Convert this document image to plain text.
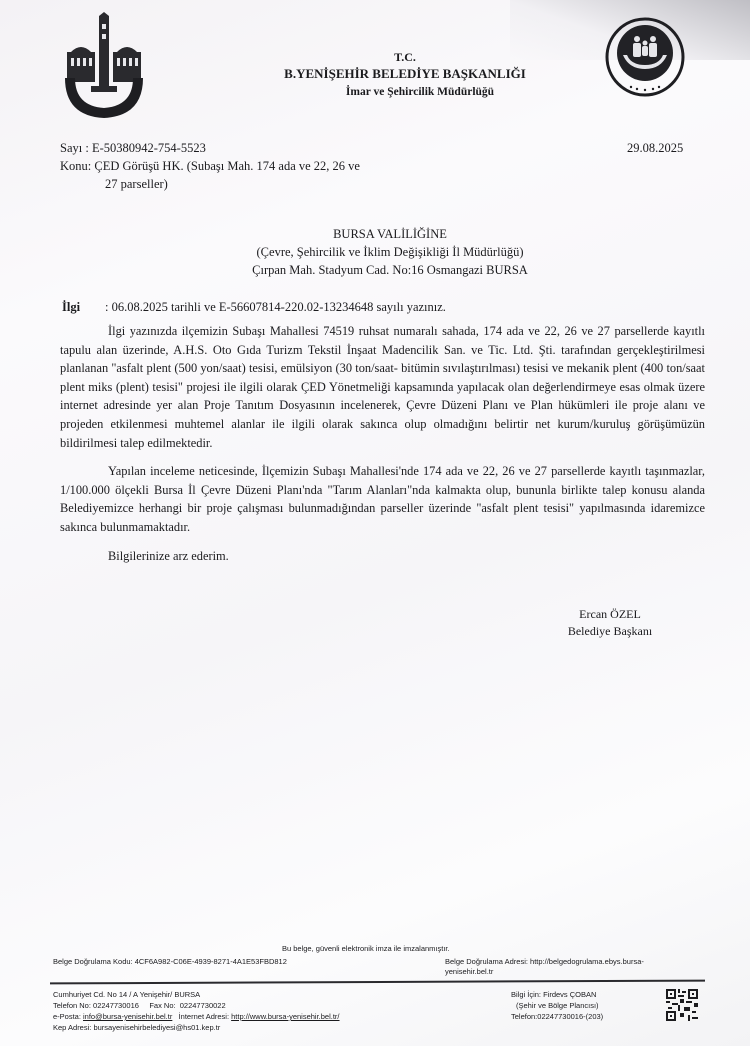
T.C.
B.YENİŞEHİR BELEDİYE BAŞKANLIĞI
İmar ve Şehircilik Müdürlüğü
Sayı : E-50380942-754-5523	29.08.2025
Konu: ÇED Görüşü HK. (Subaşı Mah. 174 ada ve 22, 26 ve
27 parseller)
BURSA VALİLİĞİNE
(Çevre, Şehircilik ve İklim Değişikliği İl Müdürlüğü)
Çırpan Mah. Stadyum Cad. No:16 Osmangazi BURSA
İlgi : 06.08.2025 tarihli ve E-56607814-220.02-13234648 sayılı yazınız.

İlgi yazınızda ilçemizin Subaşı Mahallesi 74519 ruhsat numaralı sahada, 174 ada ve 22, 26 ve 27 parsellerde kayıtlı tapulu alan üzerinde, A.H.S. Oto Gıda Turizm Tekstil İnşaat Madencilik San. ve Tic. Ltd. Şti. tarafından gerçekleştirilmesi planlanan "asfalt plent (500 yon/saat) tesisi, emülsiyon (30 ton/saat- bitümin sıvılaştırılması) tesisi ve mekanik plent (400 ton/saat plent miks (plent) tesisi" projesi ile ilgili olarak ÇED Yönetmeliği kapsamında yapılacak olan değerlendirmeye esas olmak üzere internet adresinde yer alan Proje Tanıtım Dosyasının incelenerek, Çevre Düzeni Planı ve Plan hükümleri ile proje alanı ve projeden etkilenmesi muhtemel alanlar ile ilgili olarak sakınca olup olmadığını belirtir net kurum/kuruluş görüşümüzün bildirilmesi talep edilmektedir.

Yapılan inceleme neticesinde, İlçemizin Subaşı Mahallesi'nde 174 ada ve 22, 26 ve 27 parsellerde kayıtlı taşınmazlar, 1/100.000 ölçekli Bursa İl Çevre Düzeni Planı'nda "Tarım Alanları"nda kalmakta olup, bununla birlikte talep konusu alanda Belediyemizce herhangi bir proje çalışması bulunmadığından parseller üzerinde "asfalt plent tesisi" yapılmasında idaremizce sakınca bulunmamaktadır.

Bilgilerinize arz ederim.

Ercan ÖZEL
Belediye Başkanı
Bu belge, güvenli elektronik imza ile imzalanmıştır.
Belge Doğrulama Kodu: 4CF6A982-C06E-4939-8271-4A1E53FBD812	Belge Doğrulama Adresi: http://belgedogrulama.ebys.bursa-
yenisehir.bel.tr
Cumhuriyet Cd. No 14 / A Yenişehir/ BURSA
Telefon No: 02247730016     Fax No:  02247730022
e-Posta: info@bursa-yenisehir.bel.tr   İnternet Adresi: http://www.bursa-yenisehir.bel.tr/
Kep Adresi: bursayenisehirbelediyesi@hs01.kep.tr
Bilgi İçin: Firdevs ÇOBAN
(Şehir ve Bölge Plancısı)
Telefon:02247730016-(203)
